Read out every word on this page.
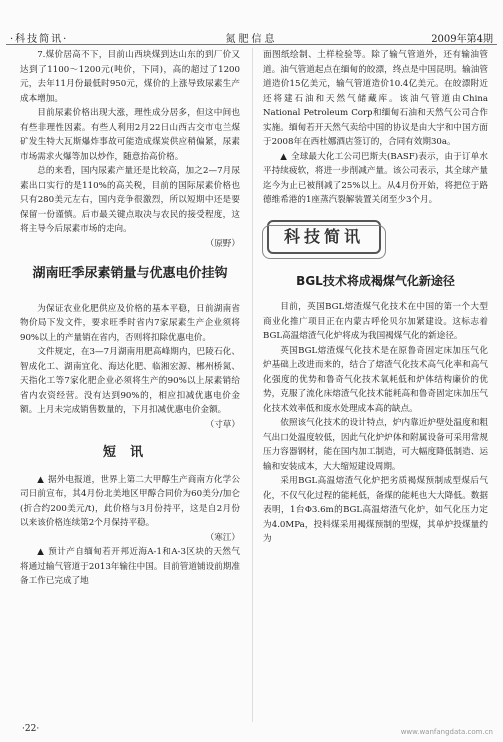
·科技简讯·	氮肥信息	2009年第4期

7.煤价居高不下，目前山西块煤到达山东的到厂价又达到了1100～1200元(吨价，下同)，高的超过了1200元，去年11月份最低时950元，煤价的上涨导致尿素生产成本增加。

目前尿素价格出现大涨，理性成分居多，但这中间也有些非理性因素。有些人利用2月22日山西古交市屯兰煤矿发生特大瓦斯爆炸事故可能造成煤炭供应稍偏紧，尿素市场需求火爆等加以炒作，随意抬高价格。

总的来看，国内尿素产量还是比较高，加之2—7月尿素出口实行的是110%的高关税，目前的国际尿素价格也只有280美元左右，国内竞争很激烈，所以短期中还是要保留一份谨慎。后市最关键点取决与农民的接受程度，这将主导今后尿素市场的走向。

（原野）
湖南旺季尿素销量与优惠电价挂钩

为保证农业化肥供应及价格的基本平稳，日前湖南省物价局下发文件，要求旺季时省内7家尿素生产企业须将90%以上的产量销在省内，否则将扣除优惠电价。

文件规定，在3—7月湖南用肥高峰期内，巴陵石化、智成化工、湖南宜化、海达化肥、临湘宏源、郴州桥氮、天指化工等7家化肥企业必须将生产的90%以上尿素销给省内农资经营。没有达到90%的，相应扣减优惠电价金额。上月未完成销售数量的，下月扣减优惠电价金额。

（寸草）
短讯

▲ 据外电报道，世界上第二大甲醇生产商南方化学公司日前宣布，其4月份北美地区甲醇合同价为60美分/加仑(折合约200美元/t)，此价格与3月份持平，这是自2月份以来该价格连续第2个月保持平稳。

（寒江）

▲ 预计产自缅甸若开邦近海A-1和A-3区块的天然气将通过输气管道于2013年输往中国。目前管道铺设前期准备工作已完成了地

面图纸绘制、土样检验等。除了输气管道外，还有输油管道。油气管道起点在缅甸的皎漂，终点是中国昆明。输油管道造价15亿美元，输气管道造价10.4亿美元。在皎漂附近还将建石油和天然气储藏库。该油气管道由China National Petroleum Corp和缅甸石油和天然气公司合作实施。缅甸若开天然气卖给中国的协议是由大宇和中国方面于2008年在西杜娜酒店签订的，合同有效期30a。

▲ 全球最大化工公司巴斯夫(BASF)表示，由于订单水平持续疲软，将进一步削减产量。该公司表示，其全球产量迄今为止已被削减了25%以上。从4月份开始，将把位于路德维希港的1座蒸汽裂解装置关闭至少3个月。

科技简讯
BGL技术将成褐煤气化新途径

目前，英国BGL熔渣煤气化技术在中国的第一个大型商业化推广项目正在内蒙古呼伦贝尔加紧建设。这标志着BGL高温熔渣气化炉将成为我国褐煤气化的新途径。

英国BGL熔渣煤气化技术是在原鲁奇固定床加压气化炉基础上改进而来的，结合了熔渣气化技术高气化率和高气化强度的优势和鲁奇气化技术氧耗低和炉体结构廉价的优势，克服了流化床熔渣气化技术能耗高和鲁奇固定床加压气化技术效率低和废水处理成本高的缺点。

依照该气化技术的设计特点，炉内靠近炉壁处温度和粗气出口处温度较低，因此气化炉炉体和附属设备可采用常规压力容器钢材，能在国内加工制造，可大幅度降低制造、运输和安装成本，大大缩短建设周期。

采用BGL高温熔渣气化炉把劣质褐煤预制成型煤后气化，不仅气化过程的能耗低，备煤的能耗也大大降低。数据表明，1台Φ3.6m的BGL高温熔渣气化炉，如气化压力定为4.0MPa，投料煤采用褐煤预制的型煤，其单炉投煤量约为

·22·	www.wanfangdata.com.cn
